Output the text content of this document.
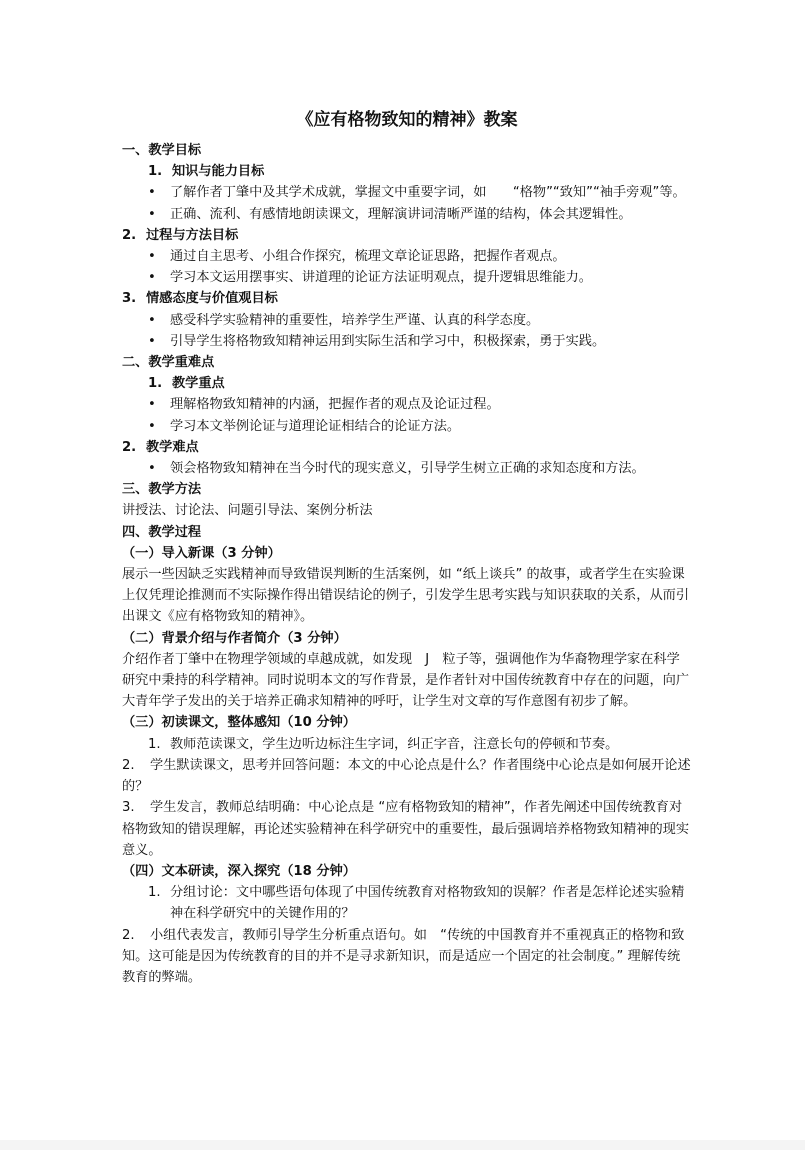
《应有格物致知的精神》教案
一、教学目标
1. 知识与能力目标
• 了解作者丁肇中及其学术成就，掌握文中重要字词，如　　“格物”“致知”“袖手旁观”等。
• 正确、流利、有感情地朗读课文，理解演讲词清晰严谨的结构，体会其逻辑性。
2. 过程与方法目标
• 通过自主思考、小组合作探究，梳理文章论证思路，把握作者观点。
• 学习本文运用摆事实、讲道理的论证方法证明观点，提升逻辑思维能力。
3. 情感态度与价值观目标
• 感受科学实验精神的重要性，培养学生严谨、认真的科学态度。
• 引导学生将格物致知精神运用到实际生活和学习中，积极探索，勇于实践。
二、教学重难点
1. 教学重点
• 理解格物致知精神的内涵，把握作者的观点及论证过程。
• 学习本文举例论证与道理论证相结合的论证方法。
2. 教学难点
• 领会格物致知精神在当今时代的现实意义，引导学生树立正确的求知态度和方法。
三、教学方法

讲授法、讨论法、问题引导法、案例分析法

四、教学过程
（一）导入新课（3 分钟）

展示一些因缺乏实践精神而导致错误判断的生活案例，如 “纸上谈兵” 的故事，或者学生在实验课上仅凭理论推测而不实际操作得出错误结论的例子，引发学生思考实践与知识获取的关系，从而引出课文《应有格物致知的精神》。

（二）背景介绍与作者简介（3 分钟）

介绍作者丁肇中在物理学领域的卓越成就，如发现　J　粒子等，强调他作为华裔物理学家在科学研究中秉持的科学精神。同时说明本文的写作背景，是作者针对中国传统教育中存在的问题，向广大青年学子发出的关于培养正确求知精神的呼吁，让学生对文章的写作意图有初步了解。

（三）初读课文，整体感知（10 分钟）

1. 教师范读课文，学生边听边标注生字词，纠正字音，注意长句的停顿和节奏。

2. 学生默读课文，思考并回答问题：本文的中心论点是什么？作者围绕中心论点是如何展开论述的？

3. 学生发言，教师总结明确：中心论点是 “应有格物致知的精神”，作者先阐述中国传统教育对格物致知的错误理解，再论述实验精神在科学研究中的重要性，最后强调培养格物致知精神的现实意义。

（四）文本研读，深入探究（18 分钟）

1. 分组讨论：文中哪些语句体现了中国传统教育对格物致知的误解？作者是怎样论述实验精神在科学研究中的关键作用的？

2. 小组代表发言，教师引导学生分析重点语句。如　“传统的中国教育并不重视真正的格物和致知。这可能是因为传统教育的目的并不是寻求新知识，而是适应一个固定的社会制度。” 理解传统教育的弊端。
